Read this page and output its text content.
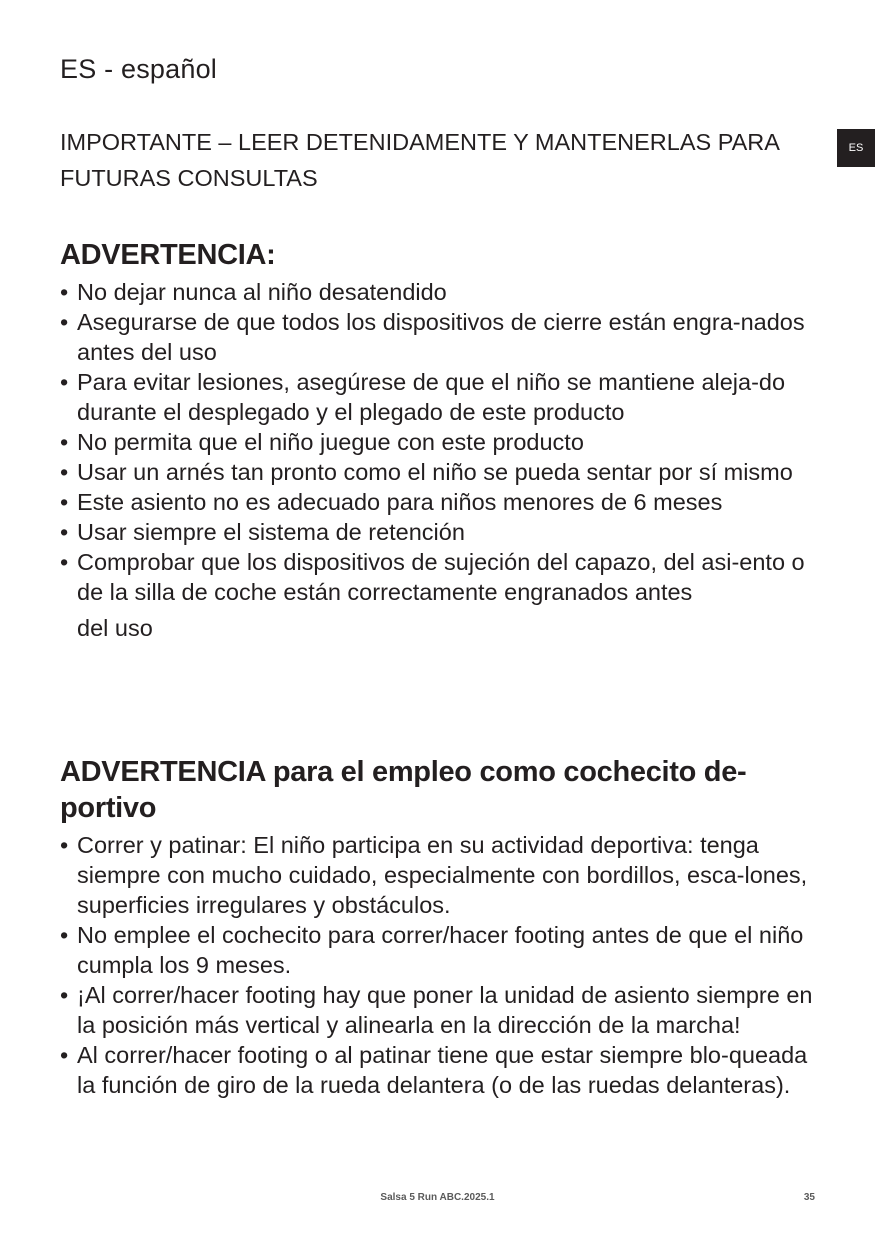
ES - español
ES
IMPORTANTE – LEER DETENIDAMENTE Y MANTENERLAS PARA FUTURAS CONSULTAS
ADVERTENCIA:
• No dejar nunca al niño desatendido
• Asegurarse de que todos los dispositivos de cierre están engra-nados antes del uso
• Para evitar lesiones, asegúrese de que el niño se mantiene aleja-do durante el desplegado y el plegado de este producto
• No permita que el niño juegue con este producto
• Usar un arnés tan pronto como el niño se pueda sentar por sí mismo
• Este asiento no es adecuado para niños menores de 6 meses
• Usar siempre el sistema de retención
• Comprobar que los dispositivos de sujeción del capazo, del asi-ento o de la silla de coche están correctamente engranados antes
del uso
ADVERTENCIA para el empleo como cochecito de-portivo
• Correr y patinar: El niño participa en su actividad deportiva: tenga siempre con mucho cuidado, especialmente con bordillos, esca-lones, superficies irregulares y obstáculos.
• No emplee el cochecito para correr/hacer footing antes de que el niño cumpla los 9 meses.
• ¡Al correr/hacer footing hay que poner la unidad de asiento siempre en la posición más vertical y alinearla en la dirección de la marcha!
• Al correr/hacer footing o al patinar tiene que estar siempre blo-queada la función de giro de la rueda delantera (o de las ruedas delanteras).
Salsa 5 Run ABC.2025.1	35
